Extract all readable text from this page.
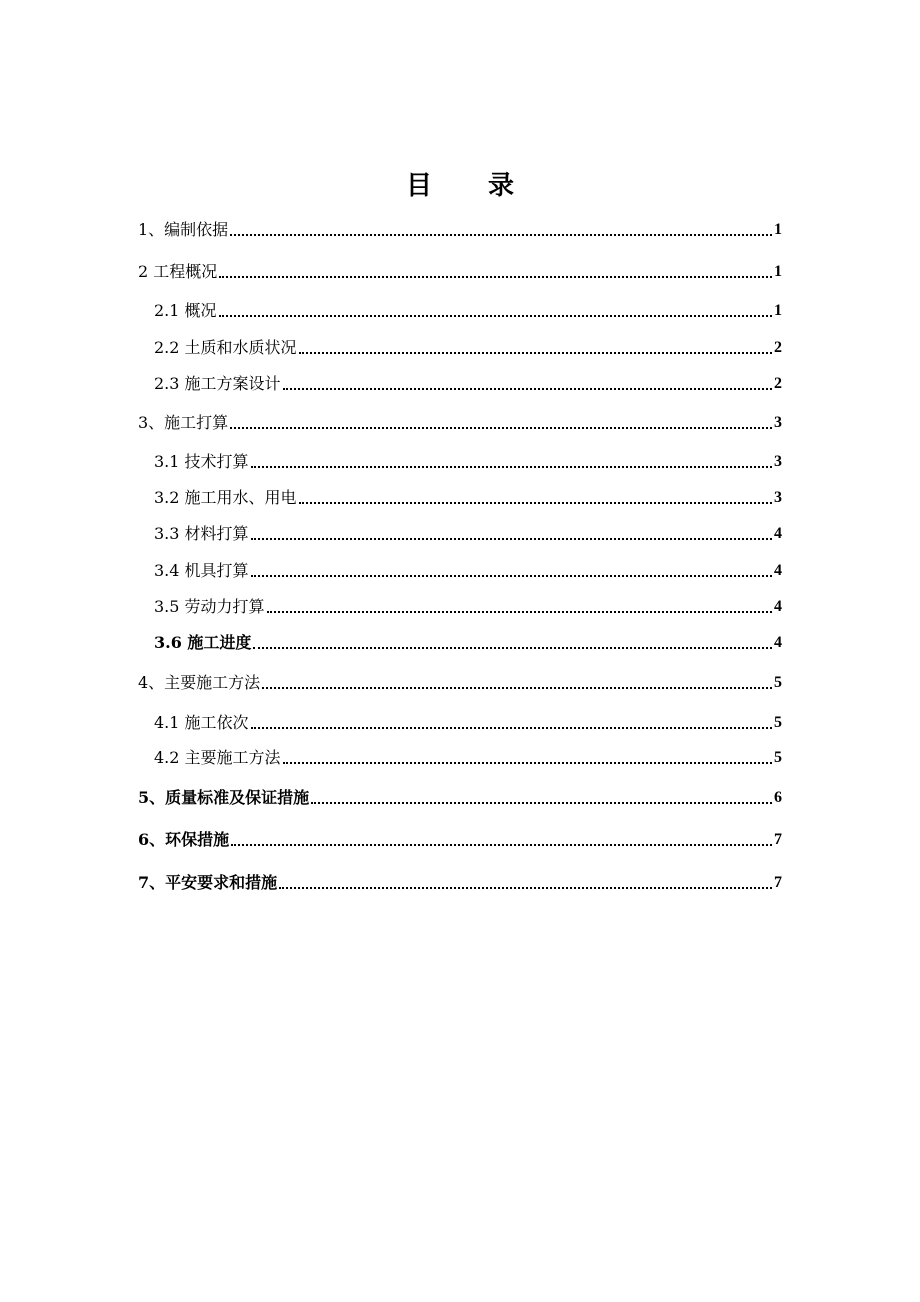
目录
1、编制依据	1
2 工程概况	1
2.1 概况	1
2.2 土质和水质状况	2
2.3 施工方案设计	2
3、施工打算	3
3.1 技术打算	3
3.2 施工用水、用电	3
3.3 材料打算	4
3.4 机具打算	4
3.5 劳动力打算	4
3.6 施工进度	4
4、主要施工方法	5
4.1 施工依次	5
4.2 主要施工方法	5
5、质量标准及保证措施	6
6、环保措施	7
7、平安要求和措施	7
